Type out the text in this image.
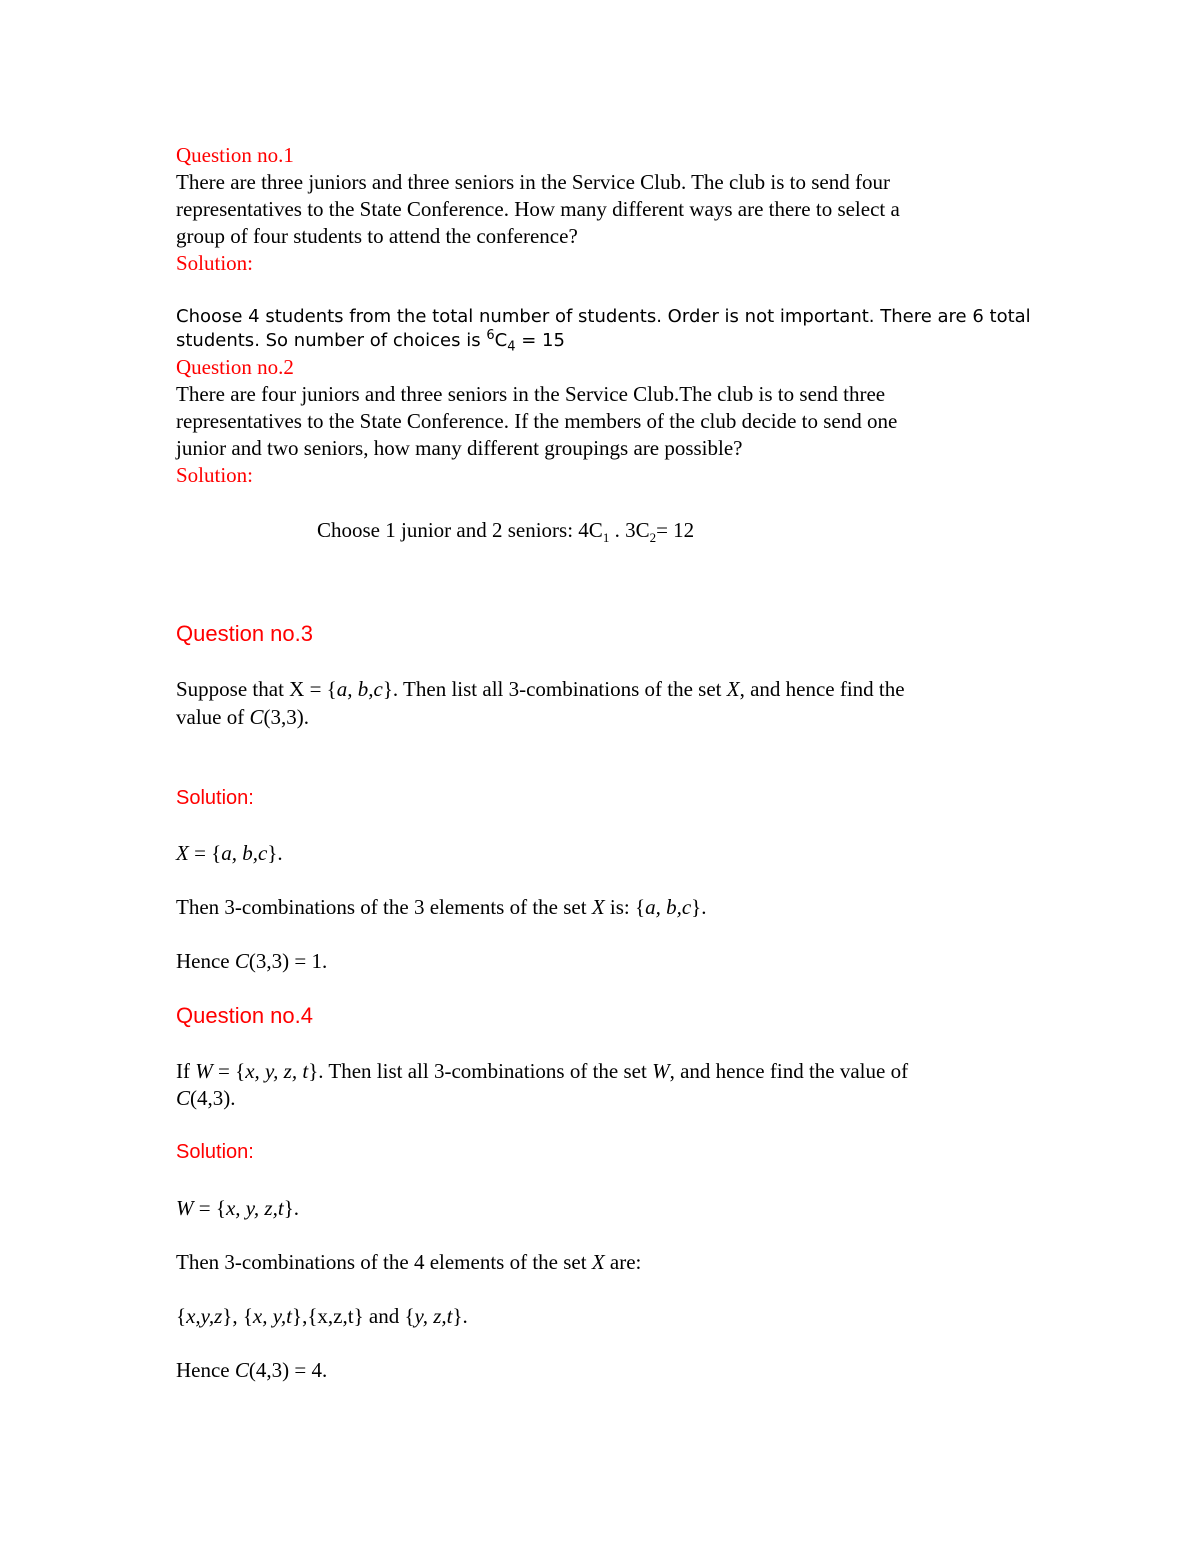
Question no.1

There are three juniors and three seniors in the Service Club. The club is to send four

representatives to the State Conference. How many different ways are there to select a

group of four students to attend the conference?

Solution:

Choose 4 students from the total number of students. Order is not important. There are 6 total

students. So number of choices is $^6C_4 = 15$

Question no.2

There are four juniors and three seniors in the Service Club.The club is to send three

representatives to the State Conference. If the members of the club decide to send one

junior and two seniors, how many different groupings are possible?

Solution:

Choose 1 junior and 2 seniors: $4C_1$ . $3C_2= 12$

Question no.3

Suppose that X = {a, b,c}. Then list all 3-combinations of the set X, and hence find the

value of C(3,3).

Solution:

X = {a, b,c}.

Then 3-combinations of the 3 elements of the set X is: {a, b,c}.

Hence C(3,3) = 1.

Question no.4

If W = {x, y, z, t}. Then list all 3-combinations of the set W, and hence find the value of

C(4,3).

Solution:

W = {x, y, z,t}.

Then 3-combinations of the 4 elements of the set X are:

{x,y,z}, {x, y,t},{x,z,t} and {y, z,t}.

Hence C(4,3) = 4.
